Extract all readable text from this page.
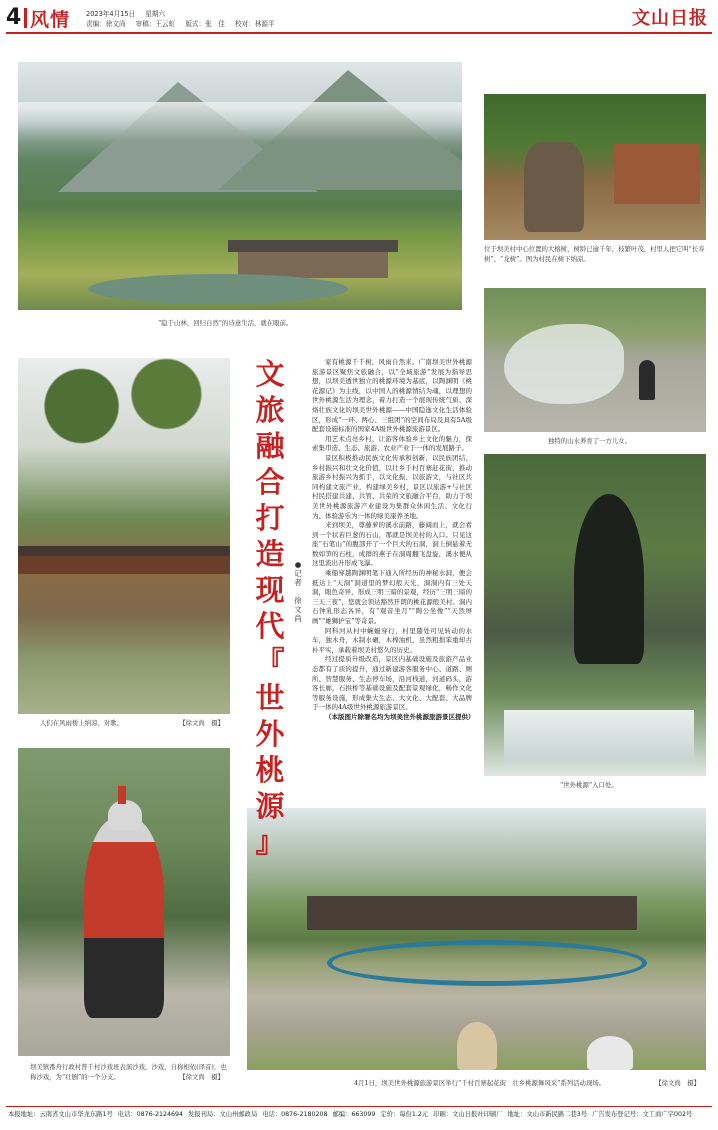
4 风情 2023年4月15日 星期六
责编：徐文尚 审稿：王云虹 版式：张　佳 校对：林源平	文山日报
“隐于山林，回归自然”的诗意生活，就在眼前。
位于坝美村中心位置的大榕树，树龄已逾千年，枝繁叶茂，村里人把它叫“长寿树”、“龙树”。图为村民在树下纳凉。
独特的山水养育了一方儿女。
“世外桃源”入口处。
人们在风雨桥上纳凉、对歌。	【徐文尚　摄】
坝美镇番舟行政村普千村沙戏班表演沙戏，沙戏，自称相依(译音)，也称沙戏，为“壮剧”的一个分支。	【徐文尚　摄】
4月1日，坝美世外桃源旅游景区举行“千村百寨起花街　壮乡桃源舞风采”系列活动现场。	【徐文尚　摄】
文
旅
融
合
打
造
现
代
『
世
外
桃
源
』
●
记
者

徐
文
尚

家有桃源千千树，风雨自然来。广南坝美世外桃源旅游景区聚焦文旅融合，以“全域旅游”发展为指导思想，以坝美透世独立的桃源环境为基底，以陶渊明《桃花源记》为主线，以中国人的桃源情结为魂，以理想的世外桃源生活为理念，着力打造一个展现传统气质、深烙壮族文化的坝美世外桃源——中国隐逸文化生活体验区，形成“一环、两心、三组团”的空间布局及具有5A级配套设施标准的国家4A级世外桃源旅游景区。

用艺术点亮乡村，让游客体验乡土文化的魅力，探索集串造、生态、旅游、农业产业于一体的发展路子。

景区积极推动民族文化传承和创新，以民族团结、乡村振兴和壮文化价值，以壮乡千村百寨赶花街，推动旅游乡村振兴为抓手，以文化振、以旅游文，与社区共同构建文旅产业，构建绿美乡村，景区以旅游+与社区村民搭建共建、共管、共荣的文旅融合平台，助力于坝美世外桃源旅游产业建设为集群众休闲生活、文化行为、体验游乐为一体的绿美康养圣地。

来到坝美，尊藤萝的溪水前路，藤阔而上，就会看到一个状若巨葱的石山，那就是坝美村的入口。只见这座“石笔山”的腹部开了一个巨大的石洞，洞上倒悬着无数如笋的石柱，成群的燕子在洞周翻飞盘旋，溪水便从这里流出升形成飞瀑。

乘船穿越陶渊明笔下通入所经历的神秘水洞，便会抵达上“天洞”洞道里的梦幻般天光，洞洞内有三处天洞，眼色奇异，形成三明三暗的景观，经历“三明三暗的三天三夜”，您就会领达豁然开朗的桃花源般美村。洞内石钟乳形态各异，有“观音坐月”“陶公坐像”“天然屏画”“雄狮护宝”等奇景。

阿科河从村中蜿蜒穿行，村里随处可见转动的水车，独木舟，木制水碾，木榨油机，虽然粗拙笨重却古朴平实，承载着坝美村悠久的历史。

经过提质升级改造，景区内基础设施及旅游产品业态都有了质的提升，通过新建游客服务中心、道路、厕所、智慧服务、生态停车场，沿河栈道，河道码头，游客长廊，石拱桥等基础设施及配套景观绿化，畅作文化等服务设施，形成集大生态、大文化、大配套、大品牌于一体的4A级世外桃源旅游景区。

（本版图片除署名均为坝美世外桃源旅游景区提供）

本报地址：云南省文山市华龙东路1号 电话：0876-2124694 发报刊局：文山州邮政局 电话：0876-2180208 邮编：663099 定价：每份1.2元 印刷：文山日报社印刷厂 地址：文山市新民路二巷3号 广告发布登记号：文工商广字002号
